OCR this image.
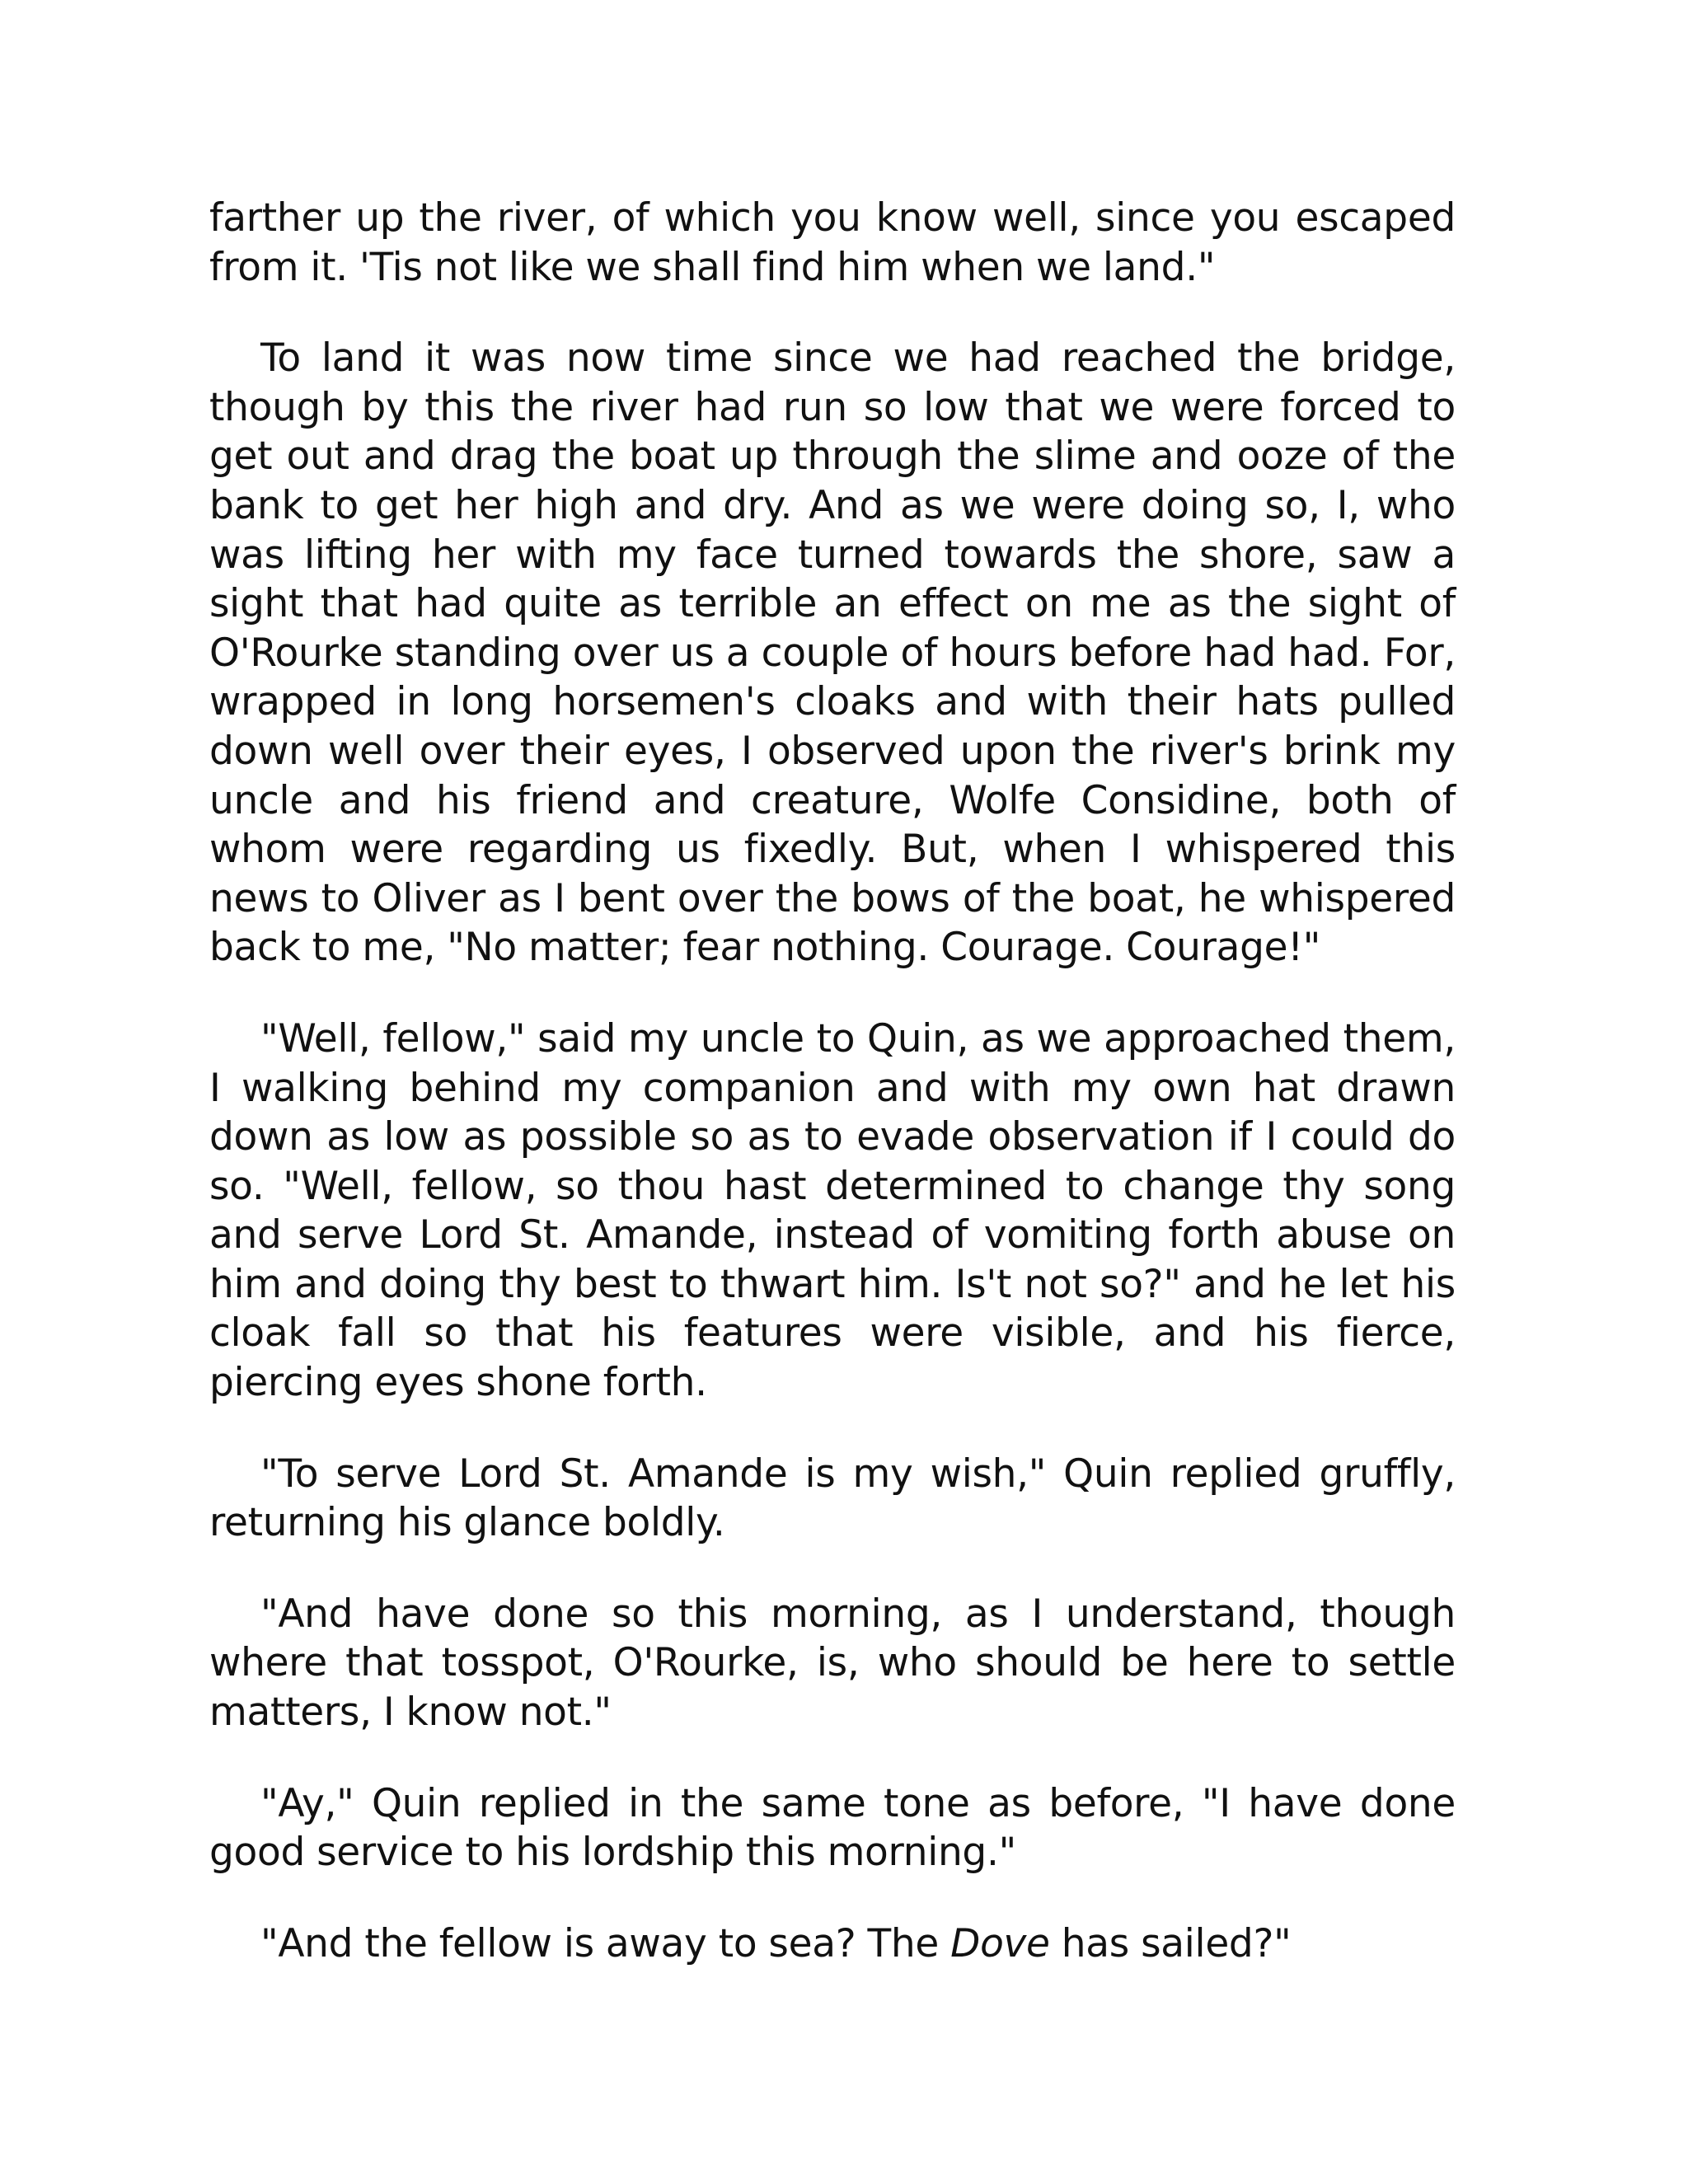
farther up the river, of which you know well, since you escaped from it. 'Tis not like we shall find him when we land."

To land it was now time since we had reached the bridge, though by this the river had run so low that we were forced to get out and drag the boat up through the slime and ooze of the bank to get her high and dry. And as we were doing so, I, who was lifting her with my face turned towards the shore, saw a sight that had quite as terrible an effect on me as the sight of O'Rourke standing over us a couple of hours before had had. For, wrapped in long horsemen's cloaks and with their hats pulled down well over their eyes, I observed upon the river's brink my uncle and his friend and creature, Wolfe Considine, both of whom were regarding us fixedly. But, when I whispered this news to Oliver as I bent over the bows of the boat, he whispered back to me, "No matter; fear nothing. Courage. Courage!"

"Well, fellow," said my uncle to Quin, as we approached them, I walking behind my companion and with my own hat drawn down as low as possible so as to evade observation if I could do so. "Well, fellow, so thou hast determined to change thy song and serve Lord St. Amande, instead of vomiting forth abuse on him and doing thy best to thwart him. Is't not so?" and he let his cloak fall so that his features were visible, and his fierce, piercing eyes shone forth.

"To serve Lord St. Amande is my wish," Quin replied gruffly, returning his glance boldly.

"And have done so this morning, as I understand, though where that tosspot, O'Rourke, is, who should be here to settle matters, I know not."

"Ay," Quin replied in the same tone as before, "I have done good service to his lordship this morning."

"And the fellow is away to sea? The Dove has sailed?"
